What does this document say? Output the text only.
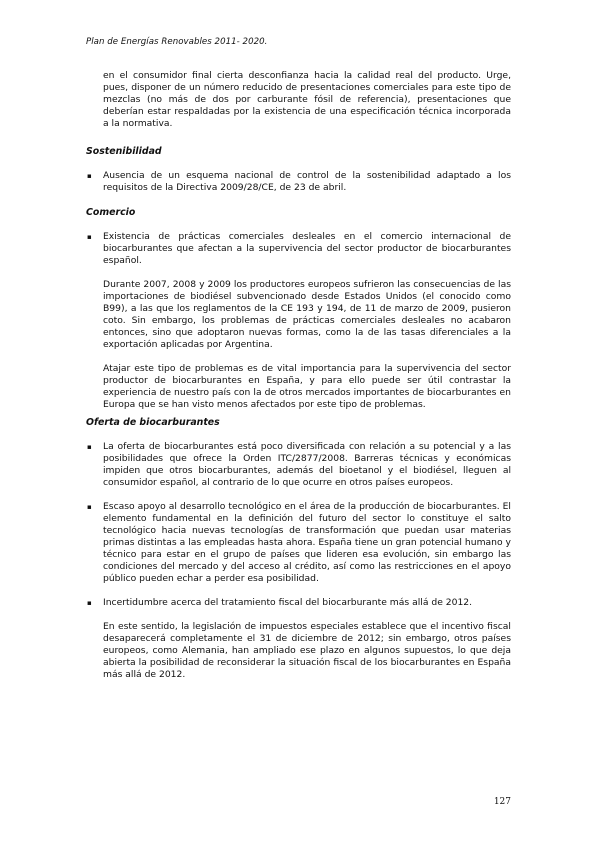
Plan de Energías Renovables 2011- 2020.

en el consumidor final cierta desconfianza hacia la calidad real del producto. Urge, pues, disponer de un número reducido de presentaciones comerciales para este tipo de mezclas (no más de dos por carburante fósil de referencia), presentaciones que deberían estar respaldadas por la existencia de una especificación técnica incorporada a la normativa.

Sostenibilidad

▪ Ausencia de un esquema nacional de control de la sostenibilidad adaptado a los requisitos de la Directiva 2009/28/CE, de 23 de abril.

Comercio

▪ Existencia de prácticas comerciales desleales en el comercio internacional de biocarburantes que afectan a la supervivencia del sector productor de biocarburantes español.

Durante 2007, 2008 y 2009 los productores europeos sufrieron las consecuencias de las importaciones de biodiésel subvencionado desde Estados Unidos (el conocido como B99), a las que los reglamentos de la CE 193 y 194, de 11 de marzo de 2009, pusieron coto. Sin embargo, los problemas de prácticas comerciales desleales no acabaron entonces, sino que adoptaron nuevas formas, como la de las tasas diferenciales a la exportación aplicadas por Argentina.

Atajar este tipo de problemas es de vital importancia para la supervivencia del sector productor de biocarburantes en España, y para ello puede ser útil contrastar la experiencia de nuestro país con la de otros mercados importantes de biocarburantes en Europa que se han visto menos afectados por este tipo de problemas.

Oferta de biocarburantes

▪ La oferta de biocarburantes está poco diversificada con relación a su potencial y a las posibilidades que ofrece la Orden ITC/2877/2008. Barreras técnicas y económicas impiden que otros biocarburantes, además del bioetanol y el biodiésel, lleguen al consumidor español, al contrario de lo que ocurre en otros países europeos.
▪ Escaso apoyo al desarrollo tecnológico en el área de la producción de biocarburantes. El elemento fundamental en la definición del futuro del sector lo constituye el salto tecnológico hacia nuevas tecnologías de transformación que puedan usar materias primas distintas a las empleadas hasta ahora. España tiene un gran potencial humano y técnico para estar en el grupo de países que lideren esa evolución, sin embargo las condiciones del mercado y del acceso al crédito, así como las restricciones en el apoyo público pueden echar a perder esa posibilidad.
▪ Incertidumbre acerca del tratamiento fiscal del biocarburante más allá de 2012.

En este sentido, la legislación de impuestos especiales establece que el incentivo fiscal desaparecerá completamente el 31 de diciembre de 2012; sin embargo, otros países europeos, como Alemania, han ampliado ese plazo en algunos supuestos, lo que deja abierta la posibilidad de reconsiderar la situación fiscal de los biocarburantes en España más allá de 2012.

127
